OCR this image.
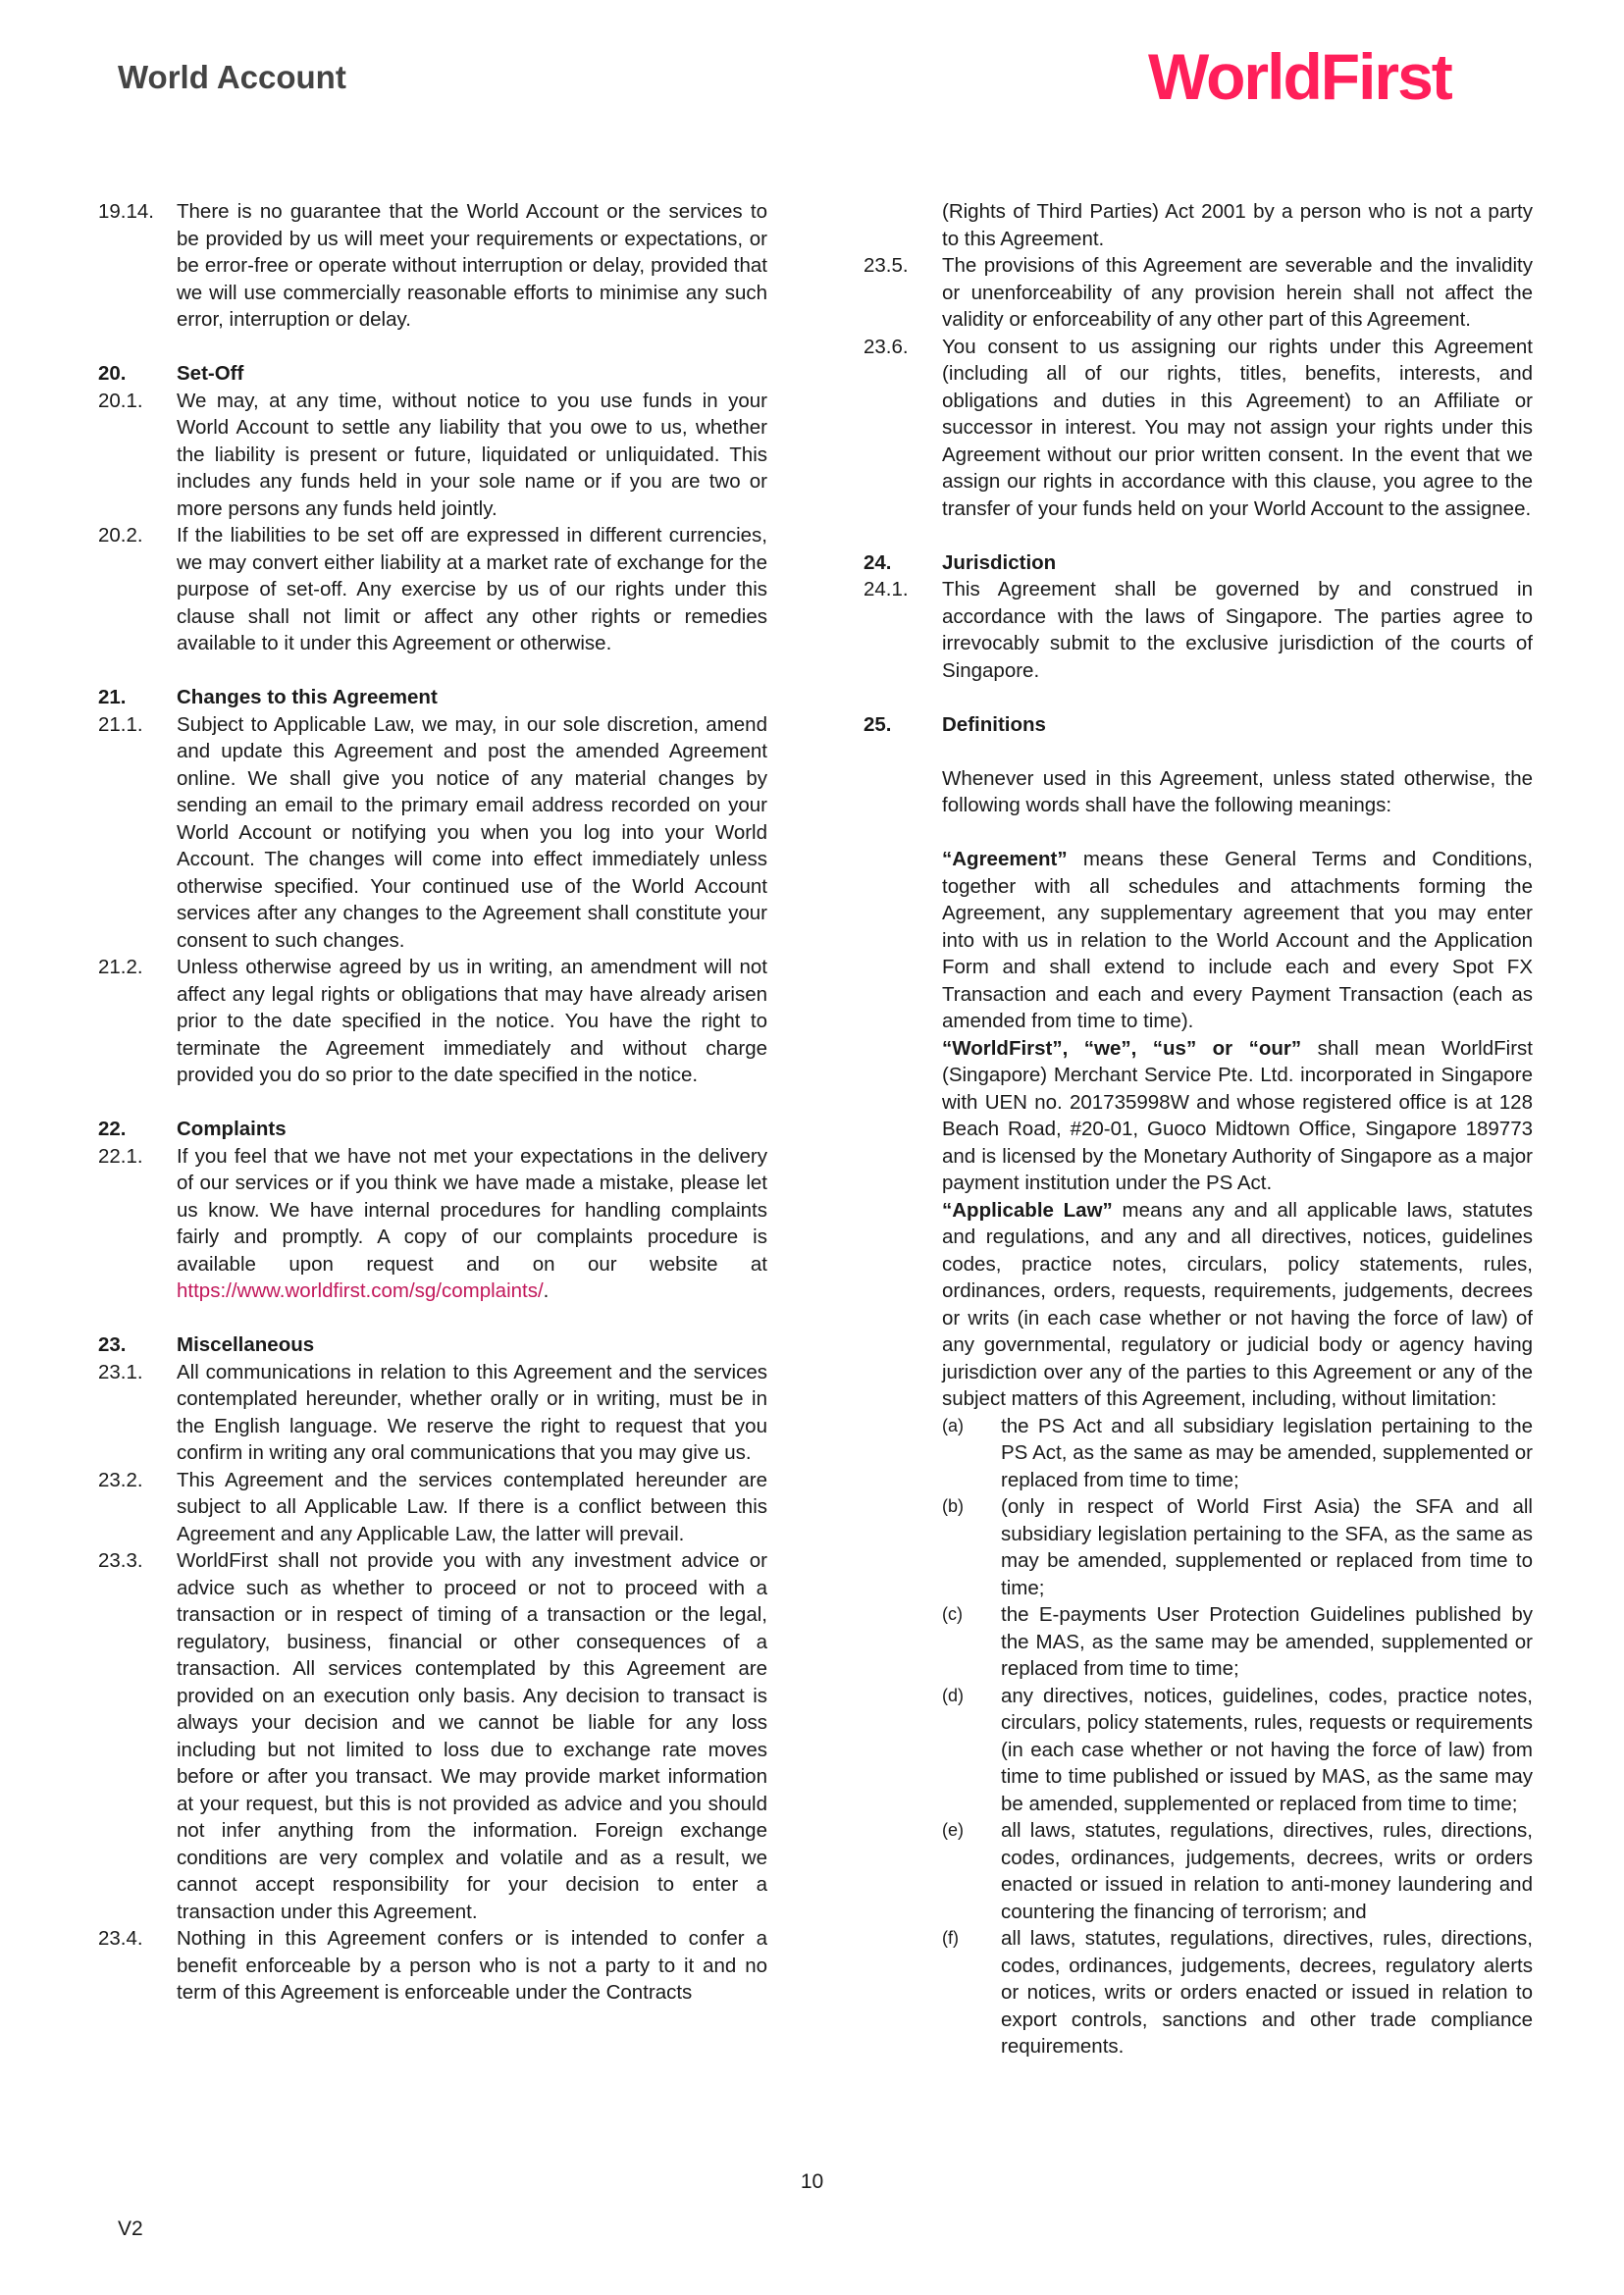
World Account	WorldFirst
19.14.	There is no guarantee that the World Account or the services to be provided by us will meet your requirements or expectations, or be error-free or operate without interruption or delay, provided that we will use commercially reasonable efforts to minimise any such error, interruption or delay.
20.	Set-Off
20.1.	We may, at any time, without notice to you use funds in your World Account to settle any liability that you owe to us, whether the liability is present or future, liquidated or unliquidated. This includes any funds held in your sole name or if you are two or more persons any funds held jointly.
20.2.	If the liabilities to be set off are expressed in different currencies, we may convert either liability at a market rate of exchange for the purpose of set-off. Any exercise by us of our rights under this clause shall not limit or affect any other rights or remedies available to it under this Agreement or otherwise.
21.	Changes to this Agreement
21.1.	Subject to Applicable Law, we may, in our sole discretion, amend and update this Agreement and post the amended Agreement online. We shall give you notice of any material changes by sending an email to the primary email address recorded on your World Account or notifying you when you log into your World Account. The changes will come into effect immediately unless otherwise specified. Your continued use of the World Account services after any changes to the Agreement shall constitute your consent to such changes.
21.2.	Unless otherwise agreed by us in writing, an amendment will not affect any legal rights or obligations that may have already arisen prior to the date specified in the notice. You have the right to terminate the Agreement immediately and without charge provided you do so prior to the date specified in the notice.
22.	Complaints
22.1.	If you feel that we have not met your expectations in the delivery of our services or if you think we have made a mistake, please let us know. We have internal procedures for handling complaints fairly and promptly. A copy of our complaints procedure is available upon request and on our website at https://www.worldfirst.com/sg/complaints/.
23.	Miscellaneous
23.1.	All communications in relation to this Agreement and the services contemplated hereunder, whether orally or in writing, must be in the English language. We reserve the right to request that you confirm in writing any oral communications that you may give us.
23.2.	This Agreement and the services contemplated hereunder are subject to all Applicable Law. If there is a conflict between this Agreement and any Applicable Law, the latter will prevail.
23.3.	WorldFirst shall not provide you with any investment advice or advice such as whether to proceed or not to proceed with a transaction or in respect of timing of a transaction or the legal, regulatory, business, financial or other consequences of a transaction. All services contemplated by this Agreement are provided on an execution only basis. Any decision to transact is always your decision and we cannot be liable for any loss including but not limited to loss due to exchange rate moves before or after you transact. We may provide market information at your request, but this is not provided as advice and you should not infer anything from the information. Foreign exchange conditions are very complex and volatile and as a result, we cannot accept responsibility for your decision to enter a transaction under this Agreement.
23.4.	Nothing in this Agreement confers or is intended to confer a benefit enforceable by a person who is not a party to it and no term of this Agreement is enforceable under the Contracts
(Rights of Third Parties) Act 2001 by a person who is not a party to this Agreement.
23.5.	The provisions of this Agreement are severable and the invalidity or unenforceability of any provision herein shall not affect the validity or enforceability of any other part of this Agreement.
23.6.	You consent to us assigning our rights under this Agreement (including all of our rights, titles, benefits, interests, and obligations and duties in this Agreement) to an Affiliate or successor in interest. You may not assign your rights under this Agreement without our prior written consent. In the event that we assign our rights in accordance with this clause, you agree to the transfer of your funds held on your World Account to the assignee.
24.	Jurisdiction
24.1.	This Agreement shall be governed by and construed in accordance with the laws of Singapore. The parties agree to irrevocably submit to the exclusive jurisdiction of the courts of Singapore.
25.	Definitions
Whenever used in this Agreement, unless stated otherwise, the following words shall have the following meanings:
“Agreement” means these General Terms and Conditions, together with all schedules and attachments forming the Agreement, any supplementary agreement that you may enter into with us in relation to the World Account and the Application Form and shall extend to include each and every Spot FX Transaction and each and every Payment Transaction (each as amended from time to time).
“WorldFirst”, “we”, “us” or “our” shall mean WorldFirst (Singapore) Merchant Service Pte. Ltd. incorporated in Singapore with UEN no. 201735998W and whose registered office is at 128 Beach Road, #20-01, Guoco Midtown Office, Singapore 189773 and is licensed by the Monetary Authority of Singapore as a major payment institution under the PS Act.
“Applicable Law” means any and all applicable laws, statutes and regulations, and any and all directives, notices, guidelines codes, practice notes, circulars, policy statements, rules, ordinances, orders, requests, requirements, judgements, decrees or writs (in each case whether or not having the force of law) of any governmental, regulatory or judicial body or agency having jurisdiction over any of the parties to this Agreement or any of the subject matters of this Agreement, including, without limitation:
(a)	the PS Act and all subsidiary legislation pertaining to the PS Act, as the same as may be amended, supplemented or replaced from time to time;
(b)	(only in respect of World First Asia) the SFA and all subsidiary legislation pertaining to the SFA, as the same as may be amended, supplemented or replaced from time to time;
(c)	the E-payments User Protection Guidelines published by the MAS, as the same may be amended, supplemented or replaced from time to time;
(d)	any directives, notices, guidelines, codes, practice notes, circulars, policy statements, rules, requests or requirements (in each case whether or not having the force of law) from time to time published or issued by MAS, as the same may be amended, supplemented or replaced from time to time;
(e)	all laws, statutes, regulations, directives, rules, directions, codes, ordinances, judgements, decrees, writs or orders enacted or issued in relation to anti-money laundering and countering the financing of terrorism; and
(f)	all laws, statutes, regulations, directives, rules, directions, codes, ordinances, judgements, decrees, regulatory alerts or notices, writs or orders enacted or issued in relation to export controls, sanctions and other trade compliance requirements.
10
V2
